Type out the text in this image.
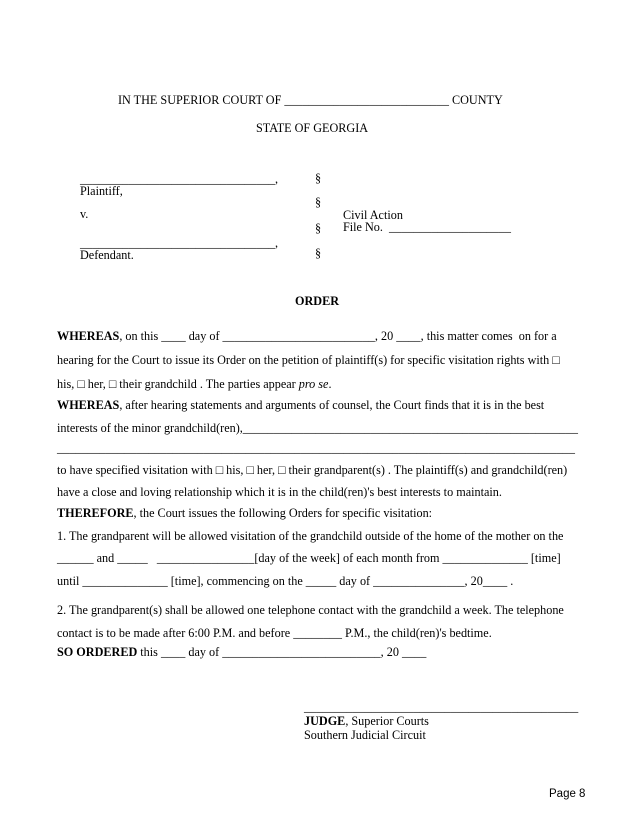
IN THE SUPERIOR COURT OF ___________________________ COUNTY
STATE OF GEORGIA
________________________________,
Plaintiff,
v.
________________________________,
Defendant.
§
§
§
§
Civil Action
File No.  ____________________
ORDER
WHEREAS, on this ____ day of _________________________, 20 ____, this matter comes  on for a
hearing for the Court to issue its Order on the petition of plaintiff(s) for specific visitation rights with □
his, □ her, □ their grandchild . The parties appear pro se.
WHEREAS, after hearing statements and arguments of counsel, the Court finds that it is in the best
interests of the minor grandchild(ren),_______________________________________________________
_____________________________________________________________________________________
to have specified visitation with □ his, □ her, □ their grandparent(s) . The plaintiff(s) and grandchild(ren)
have a close and loving relationship which it is in the child(ren)'s best interests to maintain.
THEREFORE, the Court issues the following Orders for specific visitation:
1. The grandparent will be allowed visitation of the grandchild outside of the home of the mother on the
______ and _____   ________________[day of the week] of each month from ______________ [time]
until ______________ [time], commencing on the _____ day of _______________, 20____ .
2. The grandparent(s) shall be allowed one telephone contact with the grandchild a week. The telephone
contact is to be made after 6:00 P.M. and before ________ P.M., the child(ren)'s bedtime.
SO ORDERED this ____ day of __________________________, 20 ____
_____________________________________________
JUDGE, Superior Courts
Southern Judicial Circuit
Page 8
